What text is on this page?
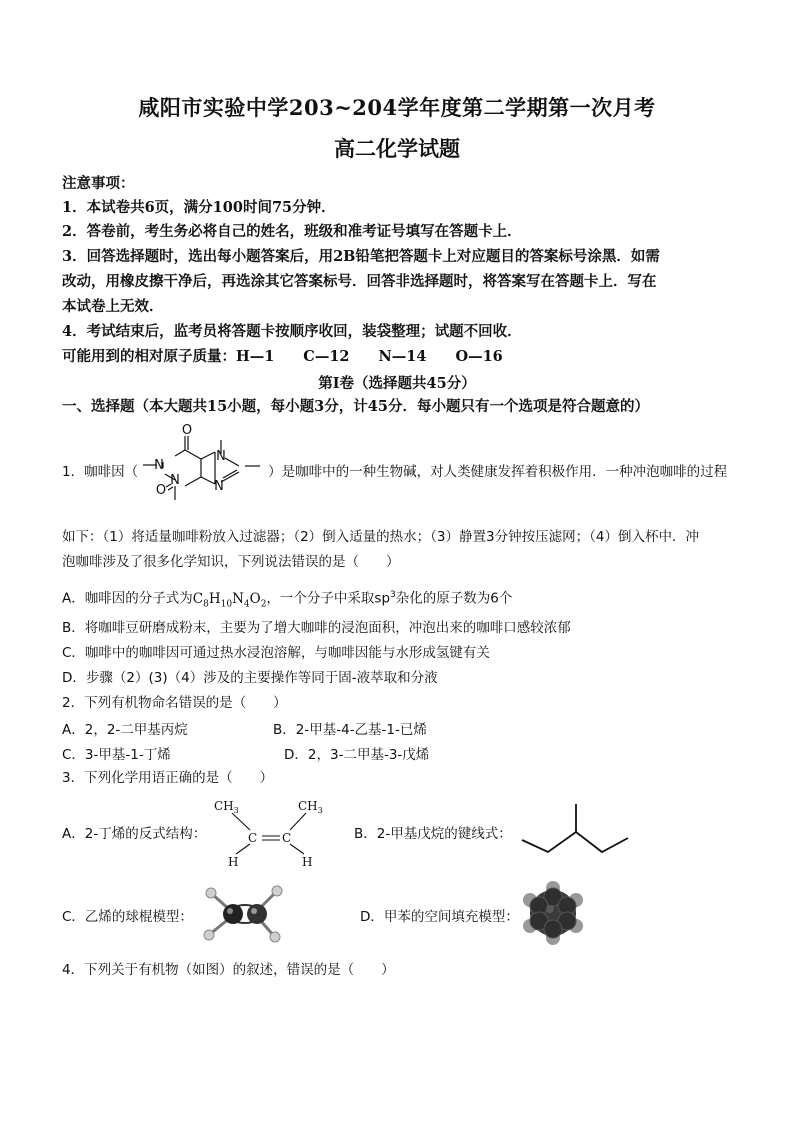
咸阳市实验中学203~204学年度第二学期第一次月考
高二化学试题
注意事项：
1．本试卷共6页，满分100时间75分钟．
2．答卷前，考生务必将自己的姓名，班级和准考证号填写在答题卡上．
3．回答选择题时，选出每小题答案后，用2B铅笔把答题卡上对应题目的答案标号涂黑．如需
改动，用橡皮擦干净后，再选涂其它答案标号．回答非选择题时，将答案写在答题卡上．写在
本试卷上无效．
4．考试结束后，监考员将答题卡按顺序收回，装袋整理；试题不回收．
可能用到的相对原子质量：H—1　　C—12　　N—14　　O—16
第Ⅰ卷（选择题共45分）
一、选择题（本大题共15小题，每小题3分，计45分．每小题只有一个选项是符合题意的）
1．咖啡因（	）是咖啡中的一种生物碱，对人类健康发挥着积极作用．一种冲泡咖啡的过程
O
N
O
N
N
N
如下：（1）将适量咖啡粉放入过滤器；（2）倒入适量的热水；（3）静置3分钟按压滤网；（4）倒入杯中．冲
泡咖啡涉及了很多化学知识，下列说法错误的是（　　）
A．咖啡因的分子式为$C_8H_{10}N_4O_2$，一个分子中采取$sp^3$杂化的原子数为6个
B．将咖啡豆研磨成粉末，主要为了增大咖啡的浸泡面积，冲泡出来的咖啡口感较浓郁
C．咖啡中的咖啡因可通过热水浸泡溶解，与咖啡因能与水形成氢键有关
D．步骤（2）(3)（4）涉及的主要操作等同于固-液萃取和分液
2．下列有机物命名错误的是（　　）
A．2，2-二甲基丙烷	B．2-甲基-4-乙基-1-已烯
C．3-甲基-1-丁烯	D．2，3-二甲基-3-戊烯
3．下列化学用语正确的是（　　）
A．2-丁烯的反式结构：
$CH_3$	$CH_3$
C C
H	H
B．2-甲基戊烷的键线式：
C．乙烯的球棍模型：	D．甲苯的空间填充模型：
4．下列关于有机物（如图）的叙述，错误的是（　　）
